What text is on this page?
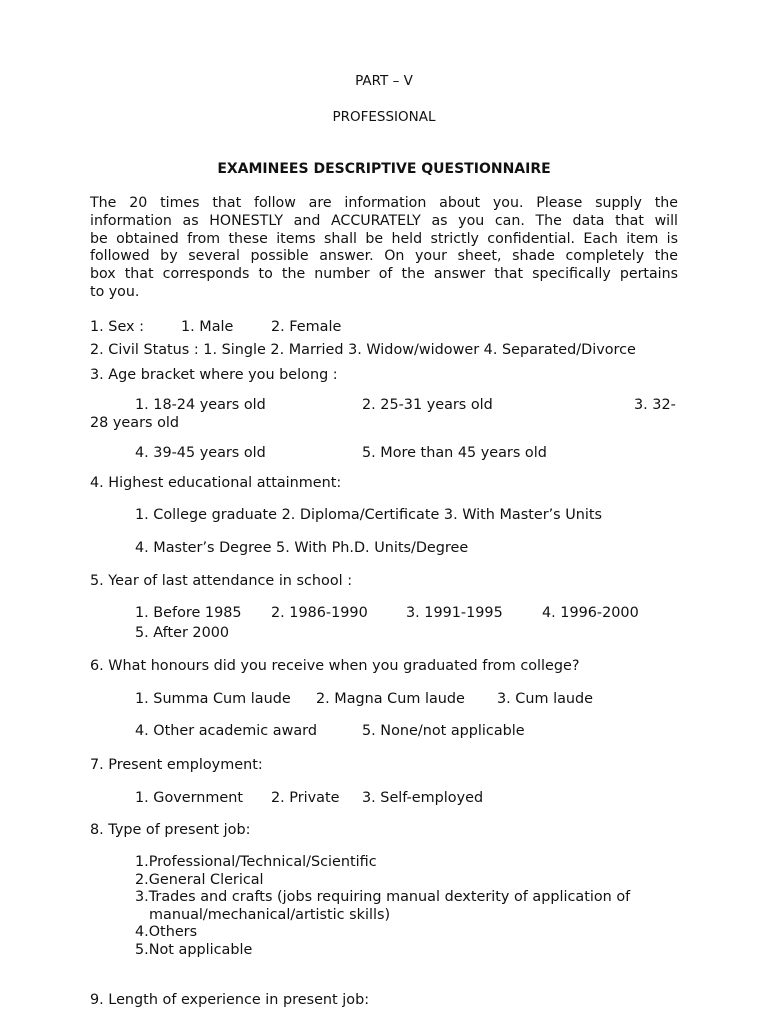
PART – V
PROFESSIONAL
EXAMINEES DESCRIPTIVE QUESTIONNAIRE
The 20 times that follow are information about you. Please supply the
information as HONESTLY and ACCURATELY as you can. The data that will
be obtained from these items shall be held strictly confidential. Each item is
followed by several possible answer. On your sheet, shade completely the
box that corresponds to the number of the answer that specifically pertains
to you.
1. Sex :	1. Male	2. Female
2. Civil Status : 1. Single 2. Married 3. Widow/widower 4. Separated/Divorce
3. Age bracket where you belong :
1. 18-24 years old	2. 25-31 years old	3. 32-
28 years old
4. 39-45 years old	5. More than 45 years old
4. Highest educational attainment:
1. College graduate 2. Diploma/Certificate 3. With Master’s Units
4. Master’s Degree 5. With Ph.D. Units/Degree
5. Year of last attendance in school :
1. Before 1985 2. 1986-1990	3. 1991-1995	4. 1996-2000
5. After 2000
6. What honours did you receive when you graduated from college?
1. Summa Cum laude 2. Magna Cum laude 3. Cum laude
4. Other academic award	5. None/not applicable
7. Present employment:
1. Government 2. Private 3. Self-employed
8. Type of present job:
1.Professional/Technical/Scientific
2.General Clerical
3.Trades and crafts (jobs requiring manual dexterity of application of
manual/mechanical/artistic skills)
4.Others
5.Not applicable
9. Length of experience in present job:
